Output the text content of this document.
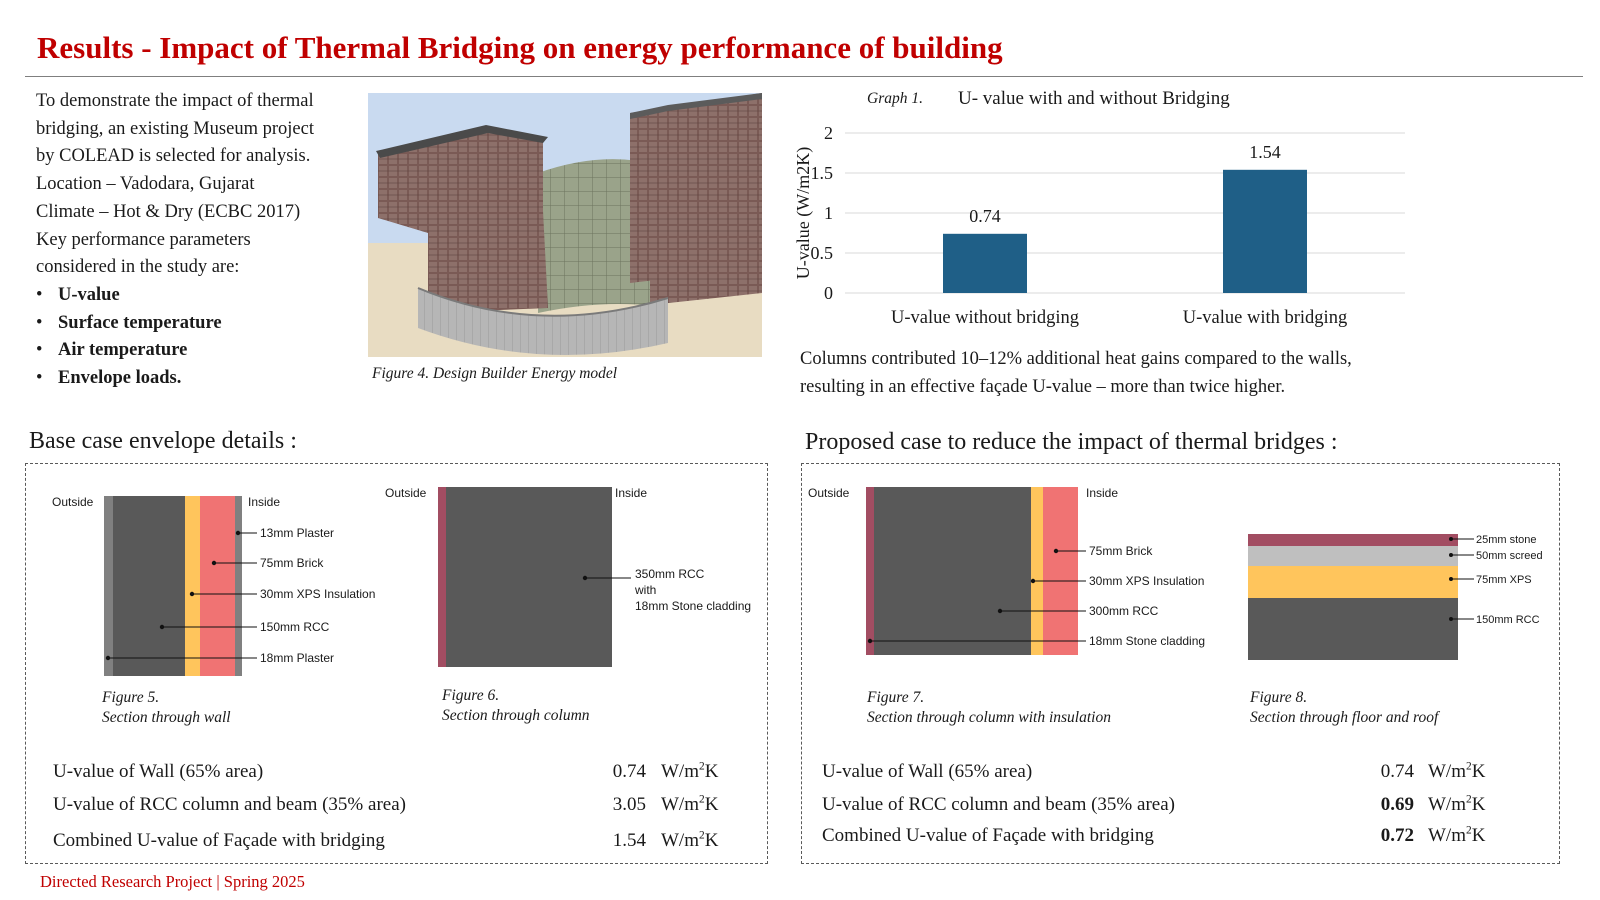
Results - Impact of Thermal Bridging on energy performance of building

To demonstrate the impact of thermal

bridging, an existing Museum project

by COLEAD is selected for analysis.

Location – Vadodara, Gujarat

Climate – Hot & Dry (ECBC 2017)

Key performance parameters

considered in the study are:

• U-value
• Surface temperature
• Air temperature
• Envelope loads.	Figure 4. Design Builder Energy model
Graph 1. U- value with and without Bridging
0
0.5
1
1.5
2
U-value (W/m2K)	0.74
U-value without bridging
1.54
U-value with bridging

Columns contributed 10–12% additional heat gains compared to the walls,

resulting in an effective façade U-value – more than twice higher.

Base case envelope details :
Outside	Inside
13mm Plaster
75mm Brick
30mm XPS Insulation
150mm RCC
18mm Plaster
Figure 5.
Section through wall
Outside	Inside
350mm RCC
with
18mm Stone cladding
Figure 6.
Section through column
U-value of Wall (65% area)	0.74 $W/m^2K$
U-value of RCC column and beam (35% area)	3.05 $W/m^2K$
Combined U-value of Façade with bridging	1.54 $W/m^2K$
Proposed case to reduce the impact of thermal bridges :
Outside	Inside
75mm Brick
30mm XPS Insulation
300mm RCC
18mm Stone cladding
Figure 7.
Section through column with insulation
25mm stone
50mm screed
75mm XPS
150mm RCC
Figure 8.
Section through floor and roof
U-value of Wall (65% area)	0.74 $W/m^2K$
U-value of RCC column and beam (35% area)	0.69 $W/m^2K$
Combined U-value of Façade with bridging	0.72 $W/m^2K$
Directed Research Project | Spring 2025
